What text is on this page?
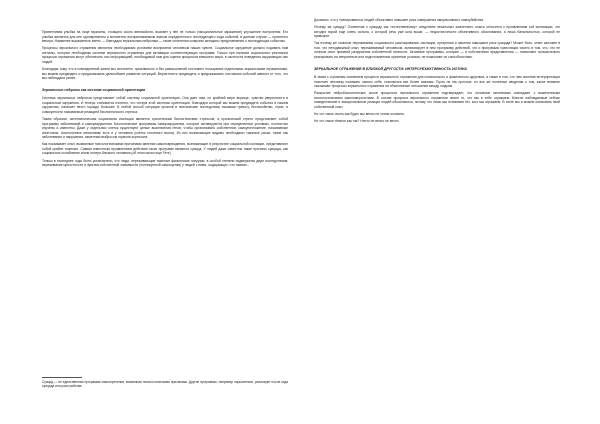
Приветливая улыбка на лице мужчины, стоящего около автомобиля, вызовет у нее не только (эмоциональное заражение) улучшение настроения. Его улыбка является для нее одновременно и мгновенно воспринимаемым знаком определенного последующего хода событий, в данном случае — приятного вечера. Наименее выраженное звено — благодаря зеркальным нейронам — такие сплетения созвучны женщины представления о последующих событиях.

Процессы зеркального отражения являются необходимым условием восприятия человеком наших чувств. Социальное окружение должно подавать нам сигналы, которые необходимы системе зеркального отражения для активации соответствующих программ. Только при наличии социального резонанса процессы отражения могут обеспечить нас информацией, необходимой нам для оценки процессов внешнего мира, в частности поведения окружающих нас людей.

Благодаря тому, что в повседневной жизни мы спонтанно, произвольно и без размышлений постоянно пользуемся отдельными зеркальными отражениями, мы можем предвидеть и предсказывать дальнейшее развитие ситуаций. Вероятность предвидеть и предсказывать состоянию событий зависит от того, что мы наблюдали ранее.

Зеркальные нейроны как система социальной ориентации

Система зеркальных нейронов представляет собой систему социальной ориентации. Она дает нам, по крайней мере вкратце, чувство уверенности в социальном окружении. И теперь становится понятно, что потеря этой системы ориентации, благодаря которой мы можем предвидеть события в нашем окружении, означает нечто гораздо большее. В любой способ ситуации органов в психические последствия, вызывая тревогу, беспокойство, страх, в совокупности называемые реакцией биологического стресса.

Таким образом, систематическая социальная изоляция является хроническим биологическим стрессом, а хронический стресс представляет собой программу заболеваний и саморазрушения. Биологические программы саморазрушения, которые активируются при определенных условиях, полностью изучены и известны. Даже у отдельных клеток существуют целые выключения генов, чтобы организовать собственное самоуничтожение, называемые апоптозом. Аналогичные механизмы есть и у человека (клеток головного мозга). Из них возникающие видимо необходимо тяжелые риски, такие как заболевания и нарушения, заметным выбросом гормона кортизола.

Как показывает опыт, вызванные психологическими причинами явления самоповреждения, возникающие в результате социальной изоляции, представляют собой крайне тяжелые. Самым известным проявлением действия таких программ является суицид. У людей даже известны такие причины суицида, как социальное ослабление и/или потеря близкого человека (об этом писал еще Гете).

Только в последнее годы было установлено, что люди, переживающие тяжелые физические нагрузки, в особой степени подвержены двум последствиям: переживание целостности и чувства собственной значимости (полноценной самооценки) у людей с ними, ощущающих, что такими...

Суицид — не единственная программа самоотречения, вызванная психологическими причинами. Другие программы, например нарколепсия, реализуют после кода суицида или расстройства.

Доказано, что у тренированных людей объективно повышен риск совершения импульсивного самоубийства.

Почему же суицид? Означение к суициду как «естественному» следствию печальных жизненного опыта относится к проявлениям той мотивации, что сегодня порой еще очень сильна, о которой речь уже шла выше, — недостаточности объективного обоснования, а лишь банальностью, которой не привыкли.

Так почему же сильные переживания социального разочарования, изоляции, презрения и насилия повышают риск суицида? Может быть, ответ заложен в том, что неподвижный опыт, переживаемый человеком, активизирует в нем программу действий, что и программа трансляции своего в том, что, что не личным опыт прежний разрушения собственной личности. Активные программы, которые — в собственном представлении — позволяют положительно реагировать на неприятные или подготовленные приятные условия, не позволяют их способностями.

ЗЕРКАЛЬНОЕ ОТРАЖЕНИЕ В БЛИЗКОЙ ДРУГОСТИ: ИНТЕРСУБЪЕКТИВНОСТЬ ИОТИНА

В связи с огромным значением процесса зеркального отражения для психического и физического здоровья, а также в том, что чем система интерпретации помогает человеку понимать самого себя, становится все более важным. Пусть не так простые, но все же полезные сведения о том, какое влияние оказывают процессы зеркального отражения на объективные отношения между людьми.

Раскрытие нейробиологических основ процессов зеркального отражения подтверждает, что основные механизмы совпадают с выявленными психологическими закономерностями. В основе процесса зеркального отражения лежит то, что мы в себе отражаем. Многие наблюдаемые сейчас поведенческие и эмоциональные реакции людей объясняются, потому что лишь мы понимаем тех, кого мы отражаем. В итоге мы и можем описывать свой собственный опыт.

Но что такое очень как будто мы вечно не хотим оставить.

Но что такое тёмное как так? Ничто не вечно не вечно.
